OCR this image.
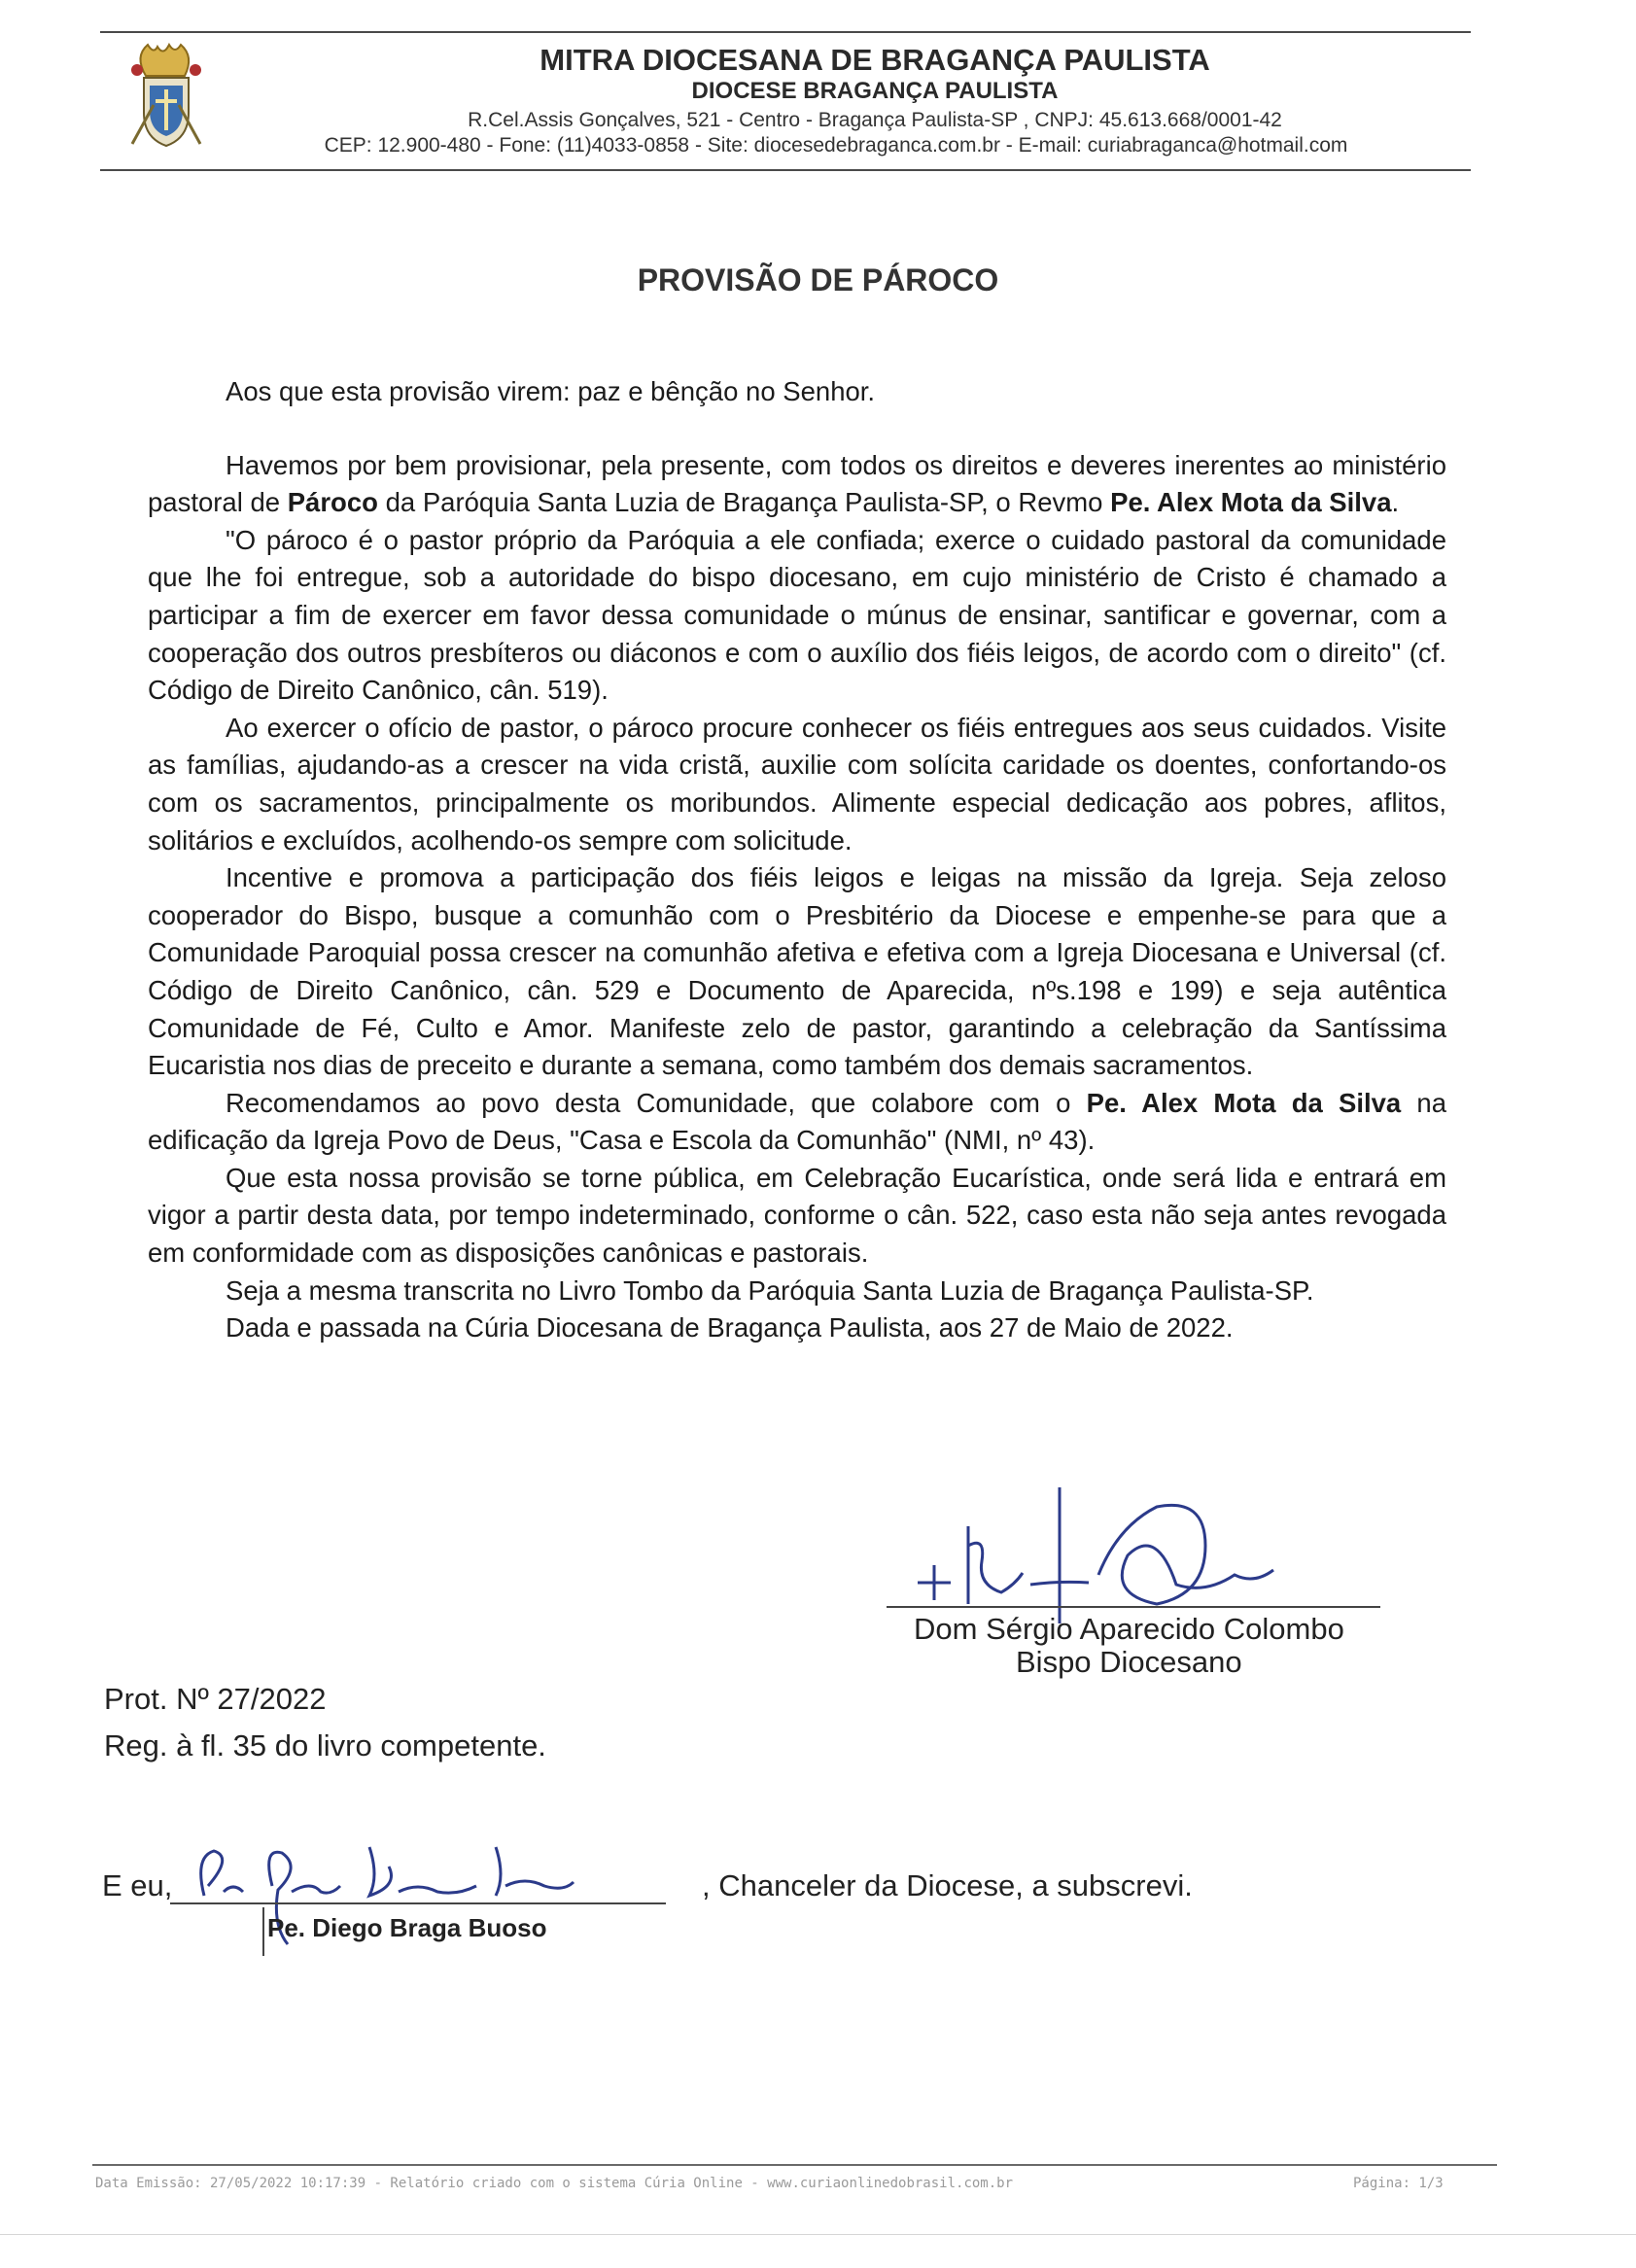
MITRA DIOCESANA DE BRAGANÇA PAULISTA
DIOCESE BRAGANÇA PAULISTA
R.Cel.Assis Gonçalves, 521 - Centro - Bragança Paulista-SP , CNPJ: 45.613.668/0001-42
CEP: 12.900-480 - Fone: (11)4033-0858 - Site: diocesedebraganca.com.br - E-mail: curiabraganca@hotmail.com
PROVISÃO DE PÁROCO

Aos que esta provisão virem: paz e bênção no Senhor.

Havemos por bem provisionar, pela presente, com todos os direitos e deveres inerentes ao ministério pastoral de Pároco da Paróquia Santa Luzia de Bragança Paulista-SP, o Revmo Pe. Alex Mota da Silva.

"O pároco é o pastor próprio da Paróquia a ele confiada; exerce o cuidado pastoral da comunidade que lhe foi entregue, sob a autoridade do bispo diocesano, em cujo ministério de Cristo é chamado a participar a fim de exercer em favor dessa comunidade o múnus de ensinar, santificar e governar, com a cooperação dos outros presbíteros ou diáconos e com o auxílio dos fiéis leigos, de acordo com o direito" (cf. Código de Direito Canônico, cân. 519).

Ao exercer o ofício de pastor, o pároco procure conhecer os fiéis entregues aos seus cuidados. Visite as famílias, ajudando-as a crescer na vida cristã, auxilie com solícita caridade os doentes, confortando-os com os sacramentos, principalmente os moribundos. Alimente especial dedicação aos pobres, aflitos, solitários e excluídos, acolhendo-os sempre com solicitude.

Incentive e promova a participação dos fiéis leigos e leigas na missão da Igreja. Seja zeloso cooperador do Bispo, busque a comunhão com o Presbitério da Diocese e empenhe-se para que a Comunidade Paroquial possa crescer na comunhão afetiva e efetiva com a Igreja Diocesana e Universal (cf. Código de Direito Canônico, cân. 529 e Documento de Aparecida, nºs.198 e 199) e seja autêntica Comunidade de Fé, Culto e Amor. Manifeste zelo de pastor, garantindo a celebração da Santíssima Eucaristia nos dias de preceito e durante a semana, como também dos demais sacramentos.

Recomendamos ao povo desta Comunidade, que colabore com o Pe. Alex Mota da Silva na edificação da Igreja Povo de Deus, "Casa e Escola da Comunhão" (NMI, nº 43).

Que esta nossa provisão se torne pública, em Celebração Eucarística, onde será lida e entrará em vigor a partir desta data, por tempo indeterminado, conforme o cân. 522, caso esta não seja antes revogada em conformidade com as disposições canônicas e pastorais.

Seja a mesma transcrita no Livro Tombo da Paróquia Santa Luzia de Bragança Paulista-SP.

Dada e passada na Cúria Diocesana de Bragança Paulista, aos 27 de Maio de 2022.

Dom Sérgio Aparecido Colombo
Bispo Diocesano
Prot. Nº 27/2022
Reg. à fl. 35 do livro competente.
E eu,
Pe. Diego Braga Buoso
, Chanceler da Diocese, a subscrevi.
Data Emissão: 27/05/2022 10:17:39 - Relatório criado com o sistema Cúria Online - www.curiaonlinedobrasil.com.br	Página: 1/3
